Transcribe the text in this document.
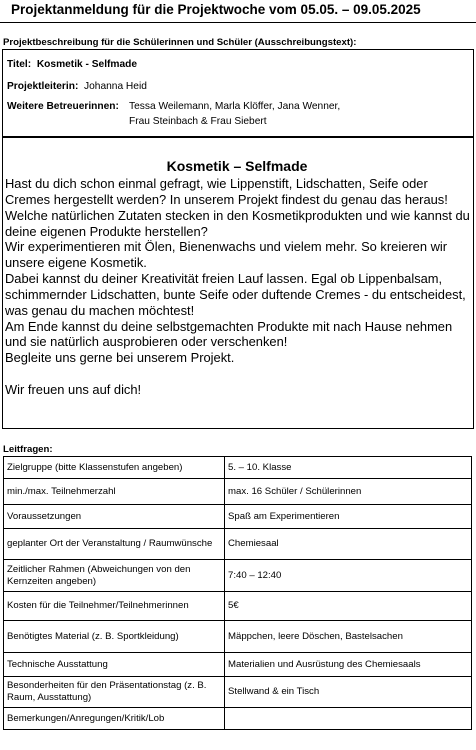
Projektanmeldung für die Projektwoche vom 05.05. – 09.05.2025
Projektbeschreibung für die Schülerinnen und Schüler (Ausschreibungstext):
Titel: Kosmetik - Selfmade
Projektleiterin: Johanna Heid
Weitere Betreuerinnen: Tessa Weilemann, Marla Klöffer, Jana Wenner,
Frau Steinbach & Frau Siebert
Kosmetik – Selfmade

Hast du dich schon einmal gefragt, wie Lippenstift, Lidschatten, Seife oder Cremes hergestellt werden? In unserem Projekt findest du genau das heraus! Welche natürlichen Zutaten stecken in den Kosmetikprodukten und wie kannst du deine eigenen Produkte herstellen?

Wir experimentieren mit Ölen, Bienenwachs und vielem mehr. So kreieren wir unsere eigene Kosmetik.

Dabei kannst du deiner Kreativität freien Lauf lassen. Egal ob Lippenbalsam, schimmernder Lidschatten, bunte Seife oder duftende Cremes - du entscheidest, was genau du machen möchtest!

Am Ende kannst du deine selbstgemachten Produkte mit nach Hause nehmen und sie natürlich ausprobieren oder verschenken!

Begleite uns gerne bei unserem Projekt.

Wir freuen uns auf dich!

Leitfragen:
Zielgruppe (bitte Klassenstufen angeben)	5. – 10. Klasse
min./max. Teilnehmerzahl	max. 16 Schüler / Schülerinnen
Voraussetzungen	Spaß am Experimentieren
geplanter Ort der Veranstaltung / Raumwünsche	Chemiesaal
Zeitlicher Rahmen (Abweichungen von den Kernzeiten angeben)	7:40 – 12:40
Kosten für die Teilnehmer/Teilnehmerinnen	5€
Benötigtes Material (z. B. Sportkleidung)	Mäppchen, leere Döschen, Bastelsachen
Technische Ausstattung	Materialien und Ausrüstung des Chemiesaals
Besonderheiten für den Präsentationstag (z. B. Raum, Ausstattung)	Stellwand & ein Tisch
Bemerkungen/Anregungen/Kritik/Lob	
